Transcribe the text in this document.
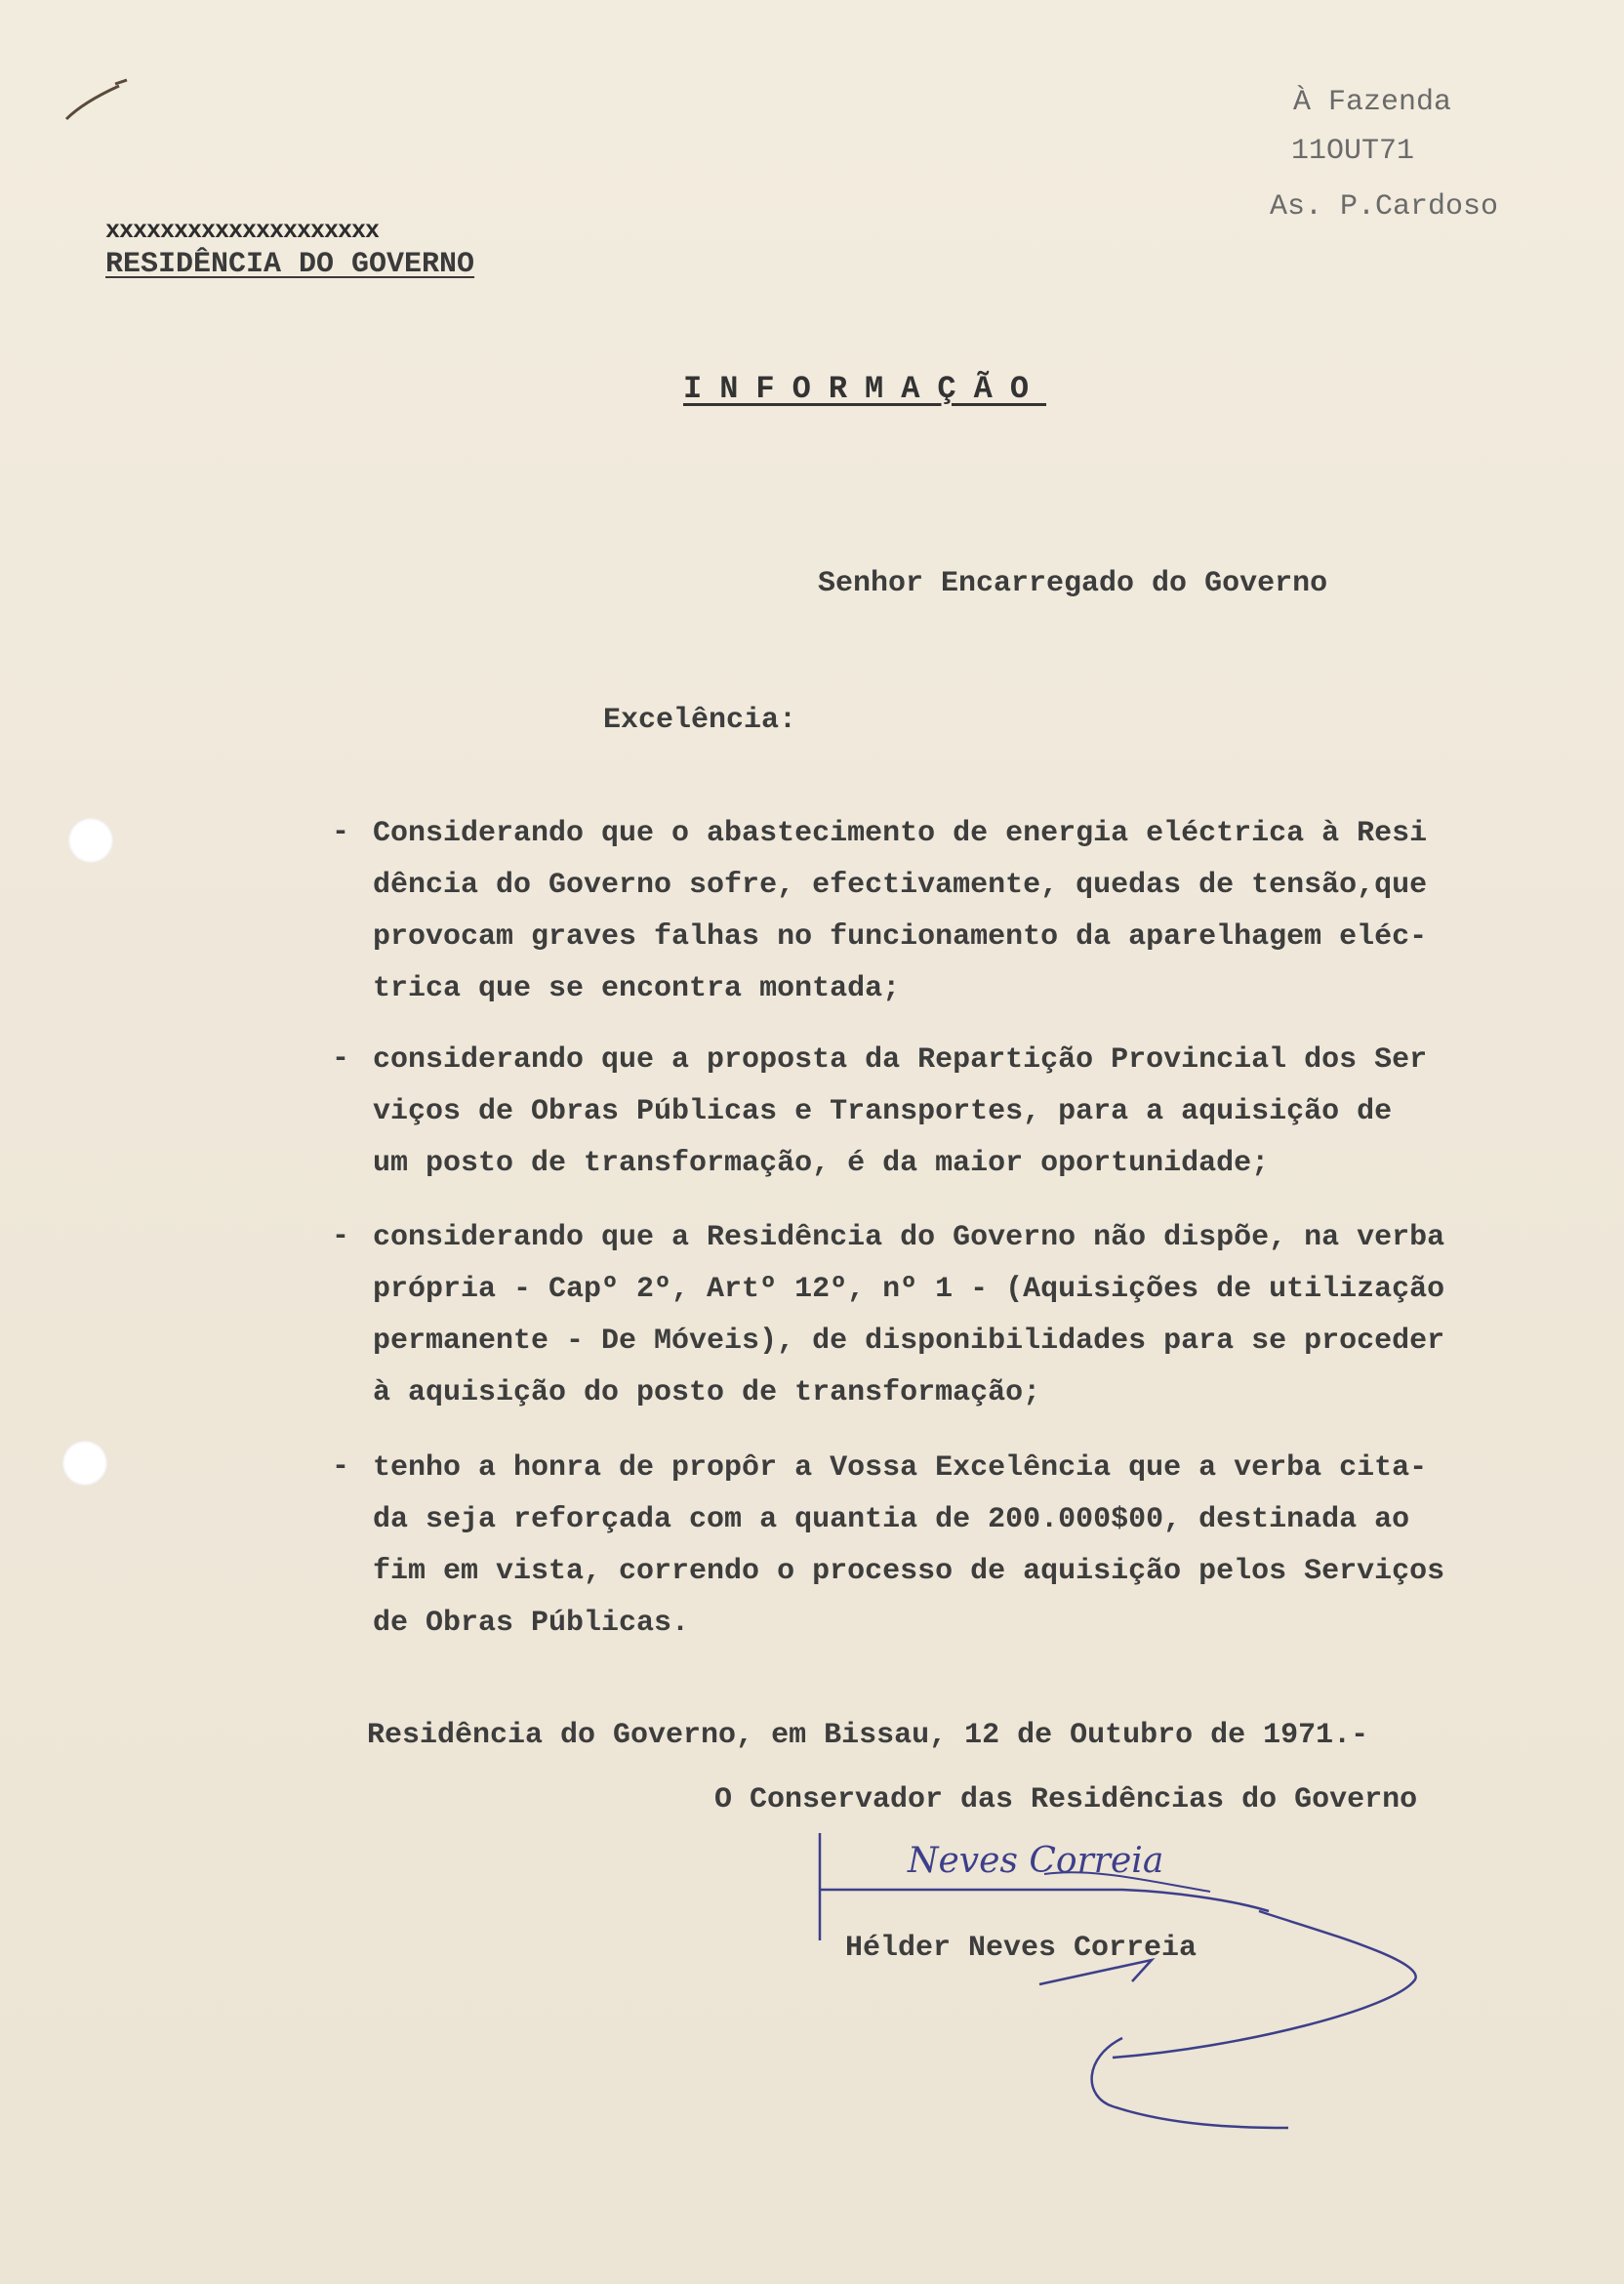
À Fazenda
11OUT71
As. P.Cardoso
xxxxxxxxxxxxxxxxxxxx
RESIDÊNCIA DO GOVERNO
INFORMAÇÃO
Senhor Encarregado do Governo
Excelência:
- Considerando que o abastecimento de energia eléctrica à Resi
dência do Governo sofre, efectivamente, quedas de tensão,que
provocam graves falhas no funcionamento da aparelhagem eléc-
trica que se encontra montada;
- considerando que a proposta da Repartição Provincial dos Ser
viços de Obras Públicas e Transportes, para a aquisição de
um posto de transformação, é da maior oportunidade;
- considerando que a Residência do Governo não dispõe, na verba
própria - Capº 2º, Artº 12º, nº 1 - (Aquisições de utilização
permanente - De Móveis), de disponibilidades para se proceder
à aquisição do posto de transformação;
- tenho a honra de propôr a Vossa Excelência que a verba cita-
da seja reforçada com a quantia de 200.000$00, destinada ao
fim em vista, correndo o processo de aquisição pelos Serviços
de Obras Públicas.
Residência do Governo, em Bissau, 12 de Outubro de 1971.-
O Conservador das Residências do Governo
Neves Correia
Hélder Neves Correia
